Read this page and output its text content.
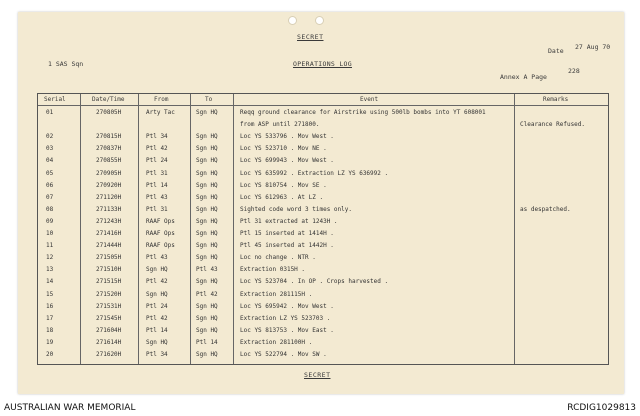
SECRET
Date 27 Aug 70
1 SAS Sqn	OPERATIONS LOG
Annex A Page
228
Serial	Date/Time	From	To	Event	Remarks
01	270805H	Arty Tac	Sgn HQ	Reqq ground clearance for Airstrike using 500lb bombs into YT 608001
from ASP until 271800.	Clearance Refused.
02	270815H	Ptl 34	Sgn HQ	Loc YS 533796 . Mov West .
03	270837H	Ptl 42	Sgn HQ	Loc YS 523710 . Mov NE .
04	270855H	Ptl 24	Sgn HQ	Loc YS 699943 . Mov West .
05	270905H	Ptl 31	Sgn HQ	Loc YS 635992 . Extraction LZ YS 636992 .
06	270920H	Ptl 14	Sgn HQ	Loc YS 810754 . Mov SE .
07	271120H	Ptl 43	Sgn HQ	Loc YS 612963 . At LZ .
08	271133H	Ptl 31	Sgn HQ	Sighted code word 3 times only.	as despatched.
09	271243H	RAAF Ops	Sgn HQ	Ptl 31 extracted at 1243H .
10	271416H	RAAF Ops	Sgn HQ	Ptl 15 inserted at 1414H .
11	271444H	RAAF Ops	Sgn HQ	Ptl 45 inserted at 1442H .
12	271505H	Ptl 43	Sgn HQ	Loc no change . NTR .
13	271510H	Sgn HQ	Ptl 43	Extraction 0315H .
14	271515H	Ptl 42	Sgn HQ	Loc YS 523704 . In OP . Crops harvested .
15	271520H	Sgn HQ	Ptl 42	Extraction 281115H .
16	271531H	Ptl 24	Sgn HQ	Loc YS 695942 . Mov West .
17	271545H	Ptl 42	Sgn HQ	Extraction LZ YS 523703 .
18	271604H	Ptl 14	Sgn HQ	Loc YS 813753 . Mov East .
19	271614H	Sgn HQ	Ptl 14	Extraction 281100H .
20	271620H	Ptl 34	Sgn HQ	Loc YS 522794 . Mov SW .
SECRET
AUSTRALIAN WAR MEMORIAL	RCDIG1029813
